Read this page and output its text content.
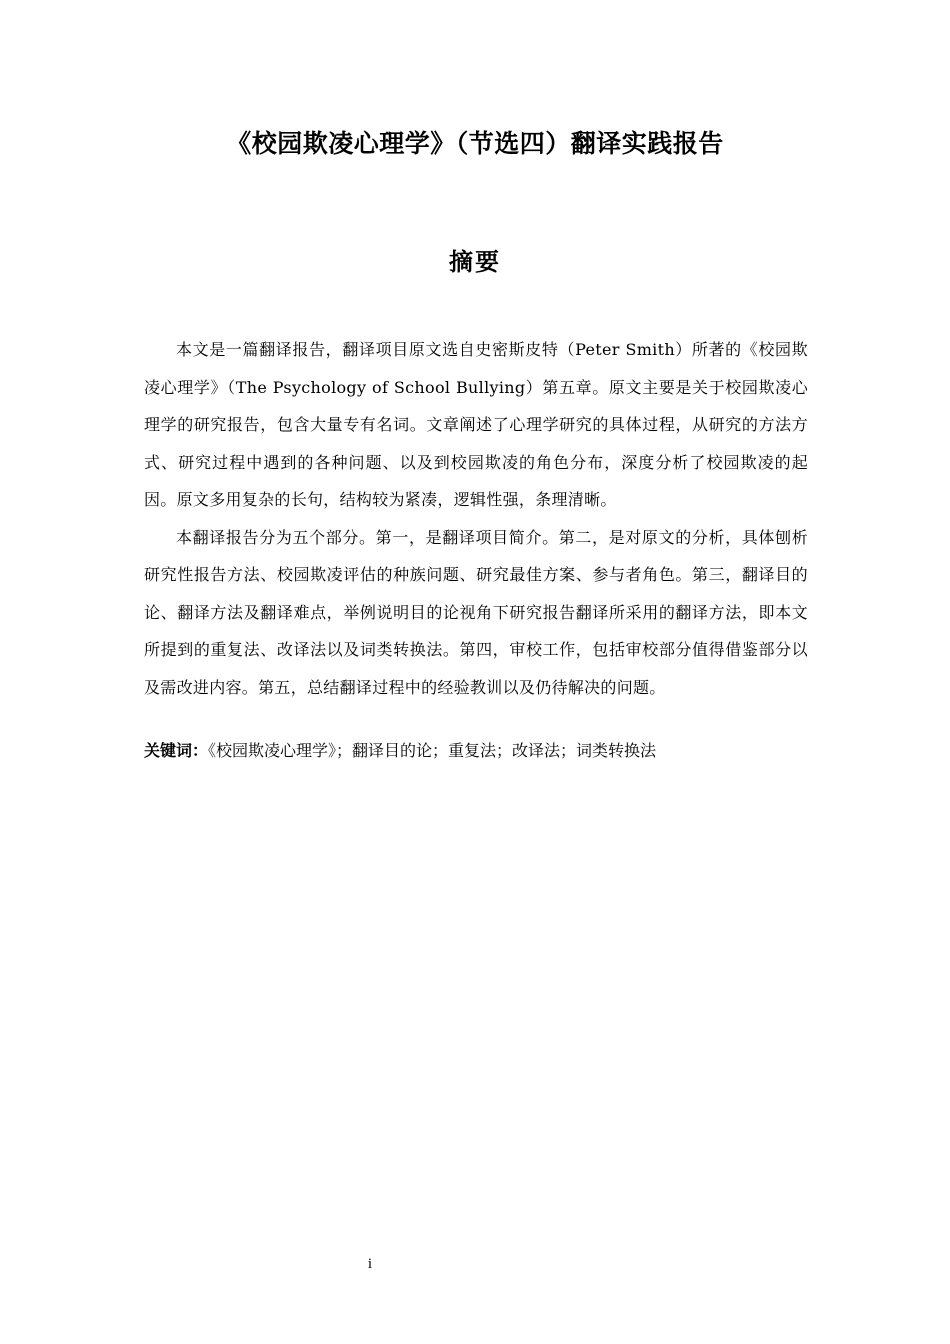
《校园欺凌心理学》（节选四）翻译实践报告
摘要

本文是一篇翻译报告，翻译项目原文选自史密斯皮特（Peter Smith）所著的《校园欺凌心理学》（The Psychology of School Bullying）第五章。原文主要是关于校园欺凌心理学的研究报告，包含大量专有名词。文章阐述了心理学研究的具体过程，从研究的方法方式、研究过程中遇到的各种问题、以及到校园欺凌的角色分布，深度分析了校园欺凌的起因。原文多用复杂的长句，结构较为紧凑，逻辑性强，条理清晰。

本翻译报告分为五个部分。第一，是翻译项目简介。第二，是对原文的分析，具体刨析研究性报告方法、校园欺凌评估的种族问题、研究最佳方案、参与者角色。第三，翻译目的论、翻译方法及翻译难点，举例说明目的论视角下研究报告翻译所采用的翻译方法，即本文所提到的重复法、改译法以及词类转换法。第四，审校工作，包括审校部分值得借鉴部分以及需改进内容。第五，总结翻译过程中的经验教训以及仍待解决的问题。

关键词：《校园欺凌心理学》；翻译目的论；重复法；改译法；词类转换法

i
